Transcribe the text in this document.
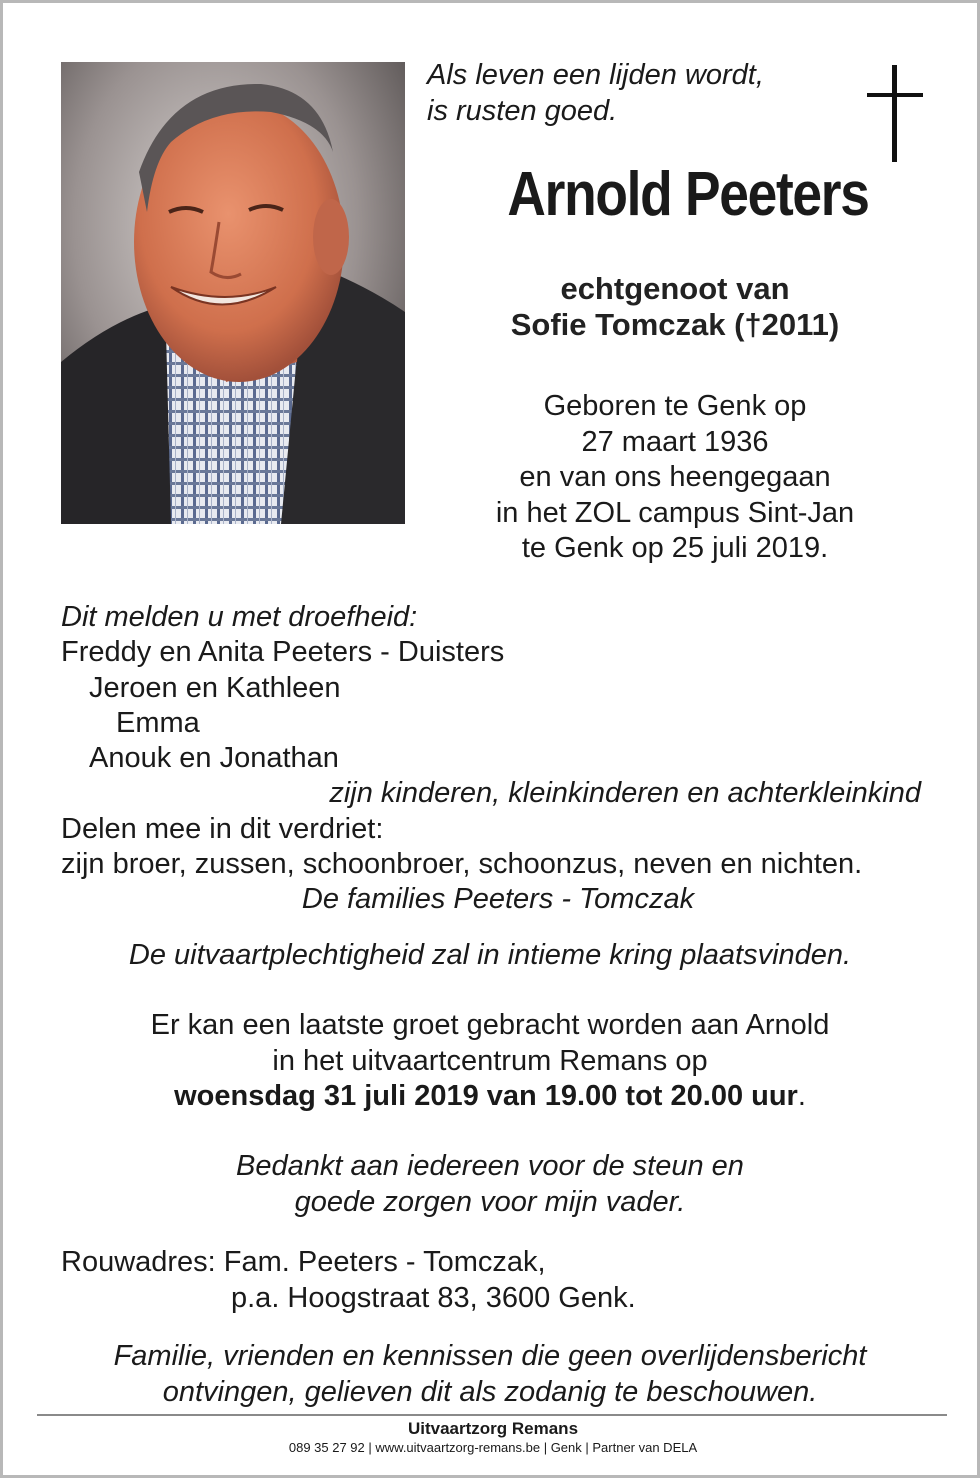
Als leven een lijden wordt,
is rusten goed.

Arnold Peeters

echtgenoot van
Sofie Tomczak (†2011)

Geboren te Genk op
27 maart 1936
en van ons heengegaan
in het ZOL campus Sint-Jan
te Genk op 25 juli 2019.

Dit melden u met droefheid:
Freddy en Anita Peeters - Duisters
Jeroen en Kathleen
Emma
Anouk en Jonathan
zijn kinderen, kleinkinderen en achterkleinkind
Delen mee in dit verdriet:
zijn broer, zussen, schoonbroer, schoonzus, neven en nichten.
De families Peeters - Tomczak

De uitvaartplechtigheid zal in intieme kring plaatsvinden.

Er kan een laatste groet gebracht worden aan Arnold
in het uitvaartcentrum Remans op
woensdag 31 juli 2019 van 19.00 tot 20.00 uur.

Bedankt aan iedereen voor de steun en
goede zorgen voor mijn vader.

Rouwadres: Fam. Peeters - Tomczak,
p.a. Hoogstraat 83, 3600 Genk.

Familie, vrienden en kennissen die geen overlijdensbericht
ontvingen, gelieven dit als zodanig te beschouwen.

Uitvaartzorg Remans

089 35 27 92 | www.uitvaartzorg-remans.be | Genk | Partner van DELA
